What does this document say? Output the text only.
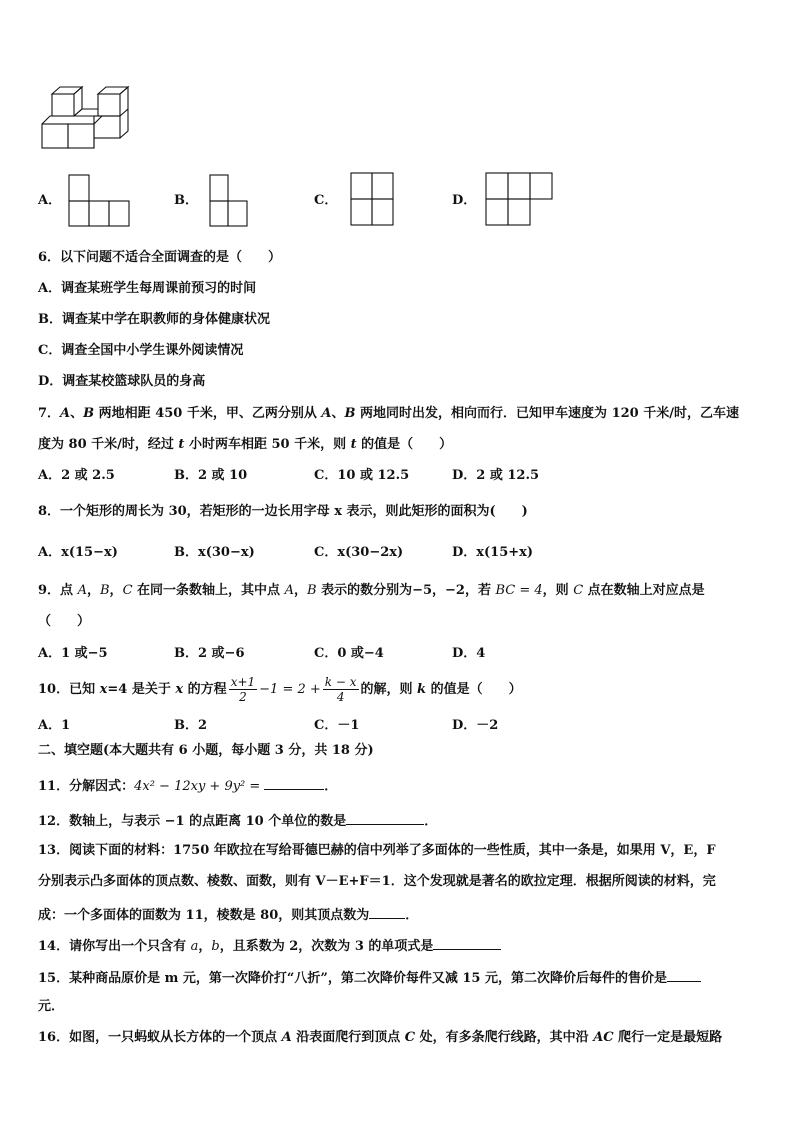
A．	B．	C．	D．
6．以下问题不适合全面调查的是（　　）
A．调查某班学生每周课前预习的时间
B．调查某中学在职教师的身体健康状况
C．调查全国中小学生课外阅读情况
D．调查某校篮球队员的身高
7．A、B 两地相距 450 千米，甲、乙两分别从 A、B 两地同时出发，相向而行．已知甲车速度为 120 千米/时，乙车速
度为 80 千米/时，经过 t 小时两车相距 50 千米，则 t 的值是（　　）
A．2 或 2.5	B．2 或 10	C．10 或 12.5	D．2 或 12.5
8．一个矩形的周长为 30，若矩形的一边长用字母 x 表示，则此矩形的面积为(　　)
A．x(15−x)	B．x(30−x)	C．x(30−2x)	D．x(15+x)
9．点 A，B，C 在同一条数轴上，其中点 A，B 表示的数分别为−5，−2，若 BC = 4，则 C 点在数轴上对应点是
（　　）
A．1 或−5	B．2 或−6	C．0 或−4	D．4
10．已知 x=4 是关于 x 的方程 $\frac{x+1}{2} -1 = 2 + \frac{k - x}{4}$ 的解，则 k 的值是（　　）
A．1	B．2	C．－1	D．－2
二、填空题(本大题共有 6 小题，每小题 3 分，共 18 分)
11．分解因式：4x² − 12xy + 9y² =	．
12．数轴上，与表示 −1 的点距离 10 个单位的数是	．
13．阅读下面的材料：1750 年欧拉在写给哥德巴赫的信中列举了多面体的一些性质，其中一条是，如果用 V，E，F
分别表示凸多面体的顶点数、棱数、面数，则有 V－E+F＝1．这个发现就是著名的欧拉定理．根据所阅读的材料，完
成：一个多面体的面数为 11，棱数是 80，则其顶点数为	．
14．请你写出一个只含有 a，b，且系数为 2，次数为 3 的单项式是
15．某种商品原价是 m 元，第一次降价打“八折”，第二次降价每件又减 15 元，第二次降价后每件的售价是
元．
16．如图，一只蚂蚁从长方体的一个顶点 A 沿表面爬行到顶点 C 处，有多条爬行线路，其中沿 AC 爬行一定是最短路
